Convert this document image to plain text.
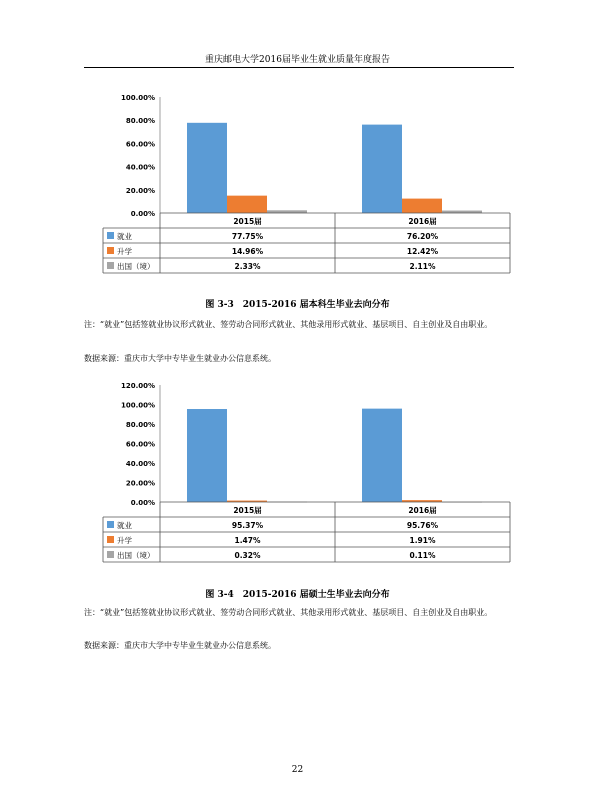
重庆邮电大学2016届毕业生就业质量年度报告
100.00%
80.00%
60.00%
40.00%
20.00%
0.00%
2015届	2016届
就业	77.75%	76.20%
升学	14.96%	12.42%
出国（境）	2.33%	2.11%
图 3-3　2015-2016 届本科生毕业去向分布
注：“就业”包括签就业协议形式就业、签劳动合同形式就业、其他录用形式就业、基层项目、自主创业及自由职业。
数据来源：重庆市大学中专毕业生就业办公信息系统。
120.00%
100.00%
80.00%
60.00%
40.00%
20.00%
0.00%
2015届	2016届
就业	95.37%	95.76%
升学	1.47%	1.91%
出国（境）	0.32%	0.11%
图 3-4　2015-2016 届硕士生毕业去向分布
注：“就业”包括签就业协议形式就业、签劳动合同形式就业、其他录用形式就业、基层项目、自主创业及自由职业。
数据来源：重庆市大学中专毕业生就业办公信息系统。
22
